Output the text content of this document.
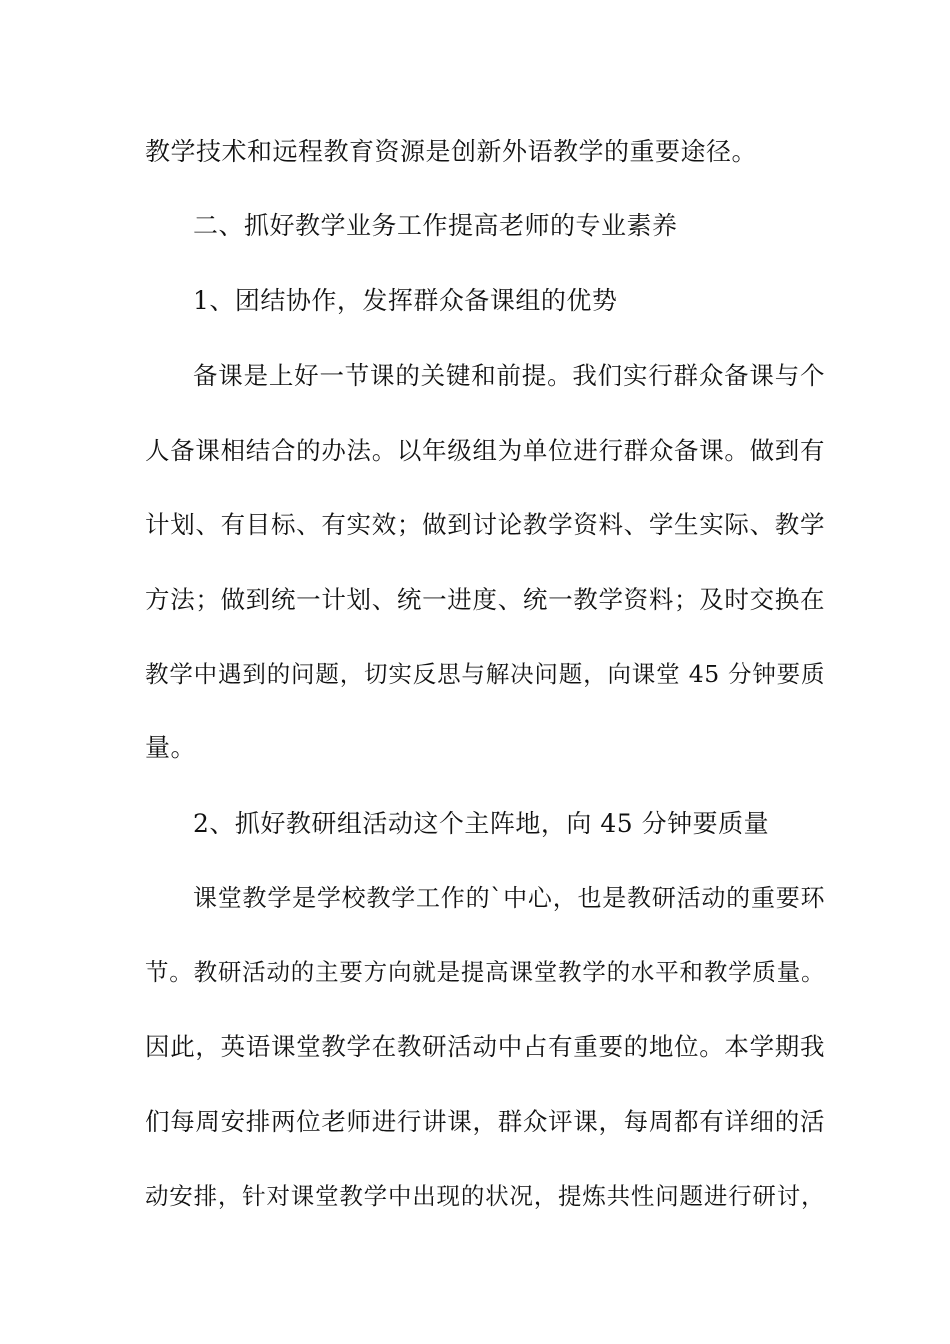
教学技术和远程教育资源是创新外语教学的重要途径。
二、抓好教学业务工作提高老师的专业素养
1、团结协作，发挥群众备课组的优势
备课是上好一节课的关键和前提。我们实行群众备课与个
人备课相结合的办法。以年级组为单位进行群众备课。做到有
计划、有目标、有实效；做到讨论教学资料、学生实际、教学
方法；做到统一计划、统一进度、统一教学资料；及时交换在
教学中遇到的问题，切实反思与解决问题，向课堂 45 分钟要质
量。
2、抓好教研组活动这个主阵地，向 45 分钟要质量
课堂教学是学校教学工作的`中心，也是教研活动的重要环
节。教研活动的主要方向就是提高课堂教学的水平和教学质量。
因此，英语课堂教学在教研活动中占有重要的地位。本学期我
们每周安排两位老师进行讲课，群众评课，每周都有详细的活
动安排，针对课堂教学中出现的状况，提炼共性问题进行研讨，
